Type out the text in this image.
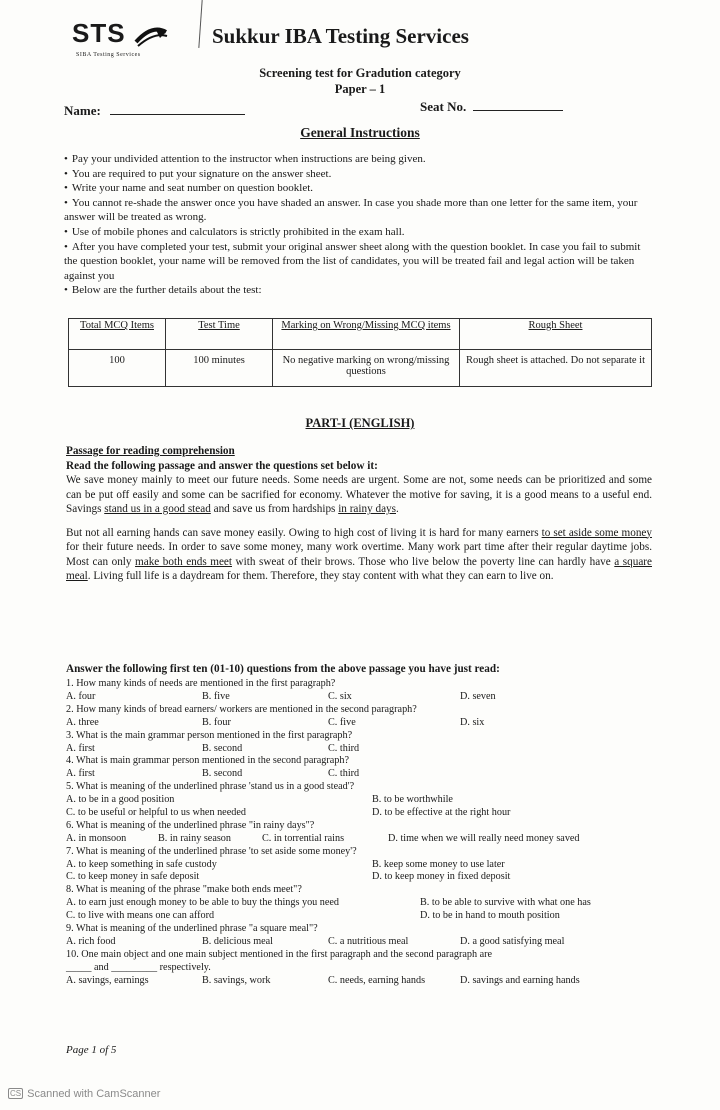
STS
SIBA Testing Services
Sukkur IBA Testing Services
Screening test for Gradution category
Paper – 1
Name:	Seat No.
General Instructions

• Pay your undivided attention to the instructor when instructions are being given.

• You are required to put your signature on the answer sheet.

• Write your name and seat number on question booklet.

• You cannot re-shade the answer once you have shaded an answer. In case you shade more than one letter for the same item, your answer will be treated as wrong.

• Use of mobile phones and calculators is strictly prohibited in the exam hall.

• After you have completed your test, submit your original answer sheet along with the question booklet. In case you fail to submit the question booklet, your name will be removed from the list of candidates, you will be treated fail and legal action will be taken against you

• Below are the further details about the test:

Total MCQ Items	Test Time	Marking on Wrong/Missing MCQ items	Rough Sheet
100	100 minutes	No negative marking on wrong/missing questions	Rough sheet is attached. Do not separate it
PART-I (ENGLISH)

Passage for reading comprehension

Read the following passage and answer the questions set below it:

We save money mainly to meet our future needs. Some needs are urgent. Some are not, some needs can be prioritized and some can be put off easily and some can be sacrified for economy. Whatever the motive for saving, it is a good means to a useful end. Savings stand us in a good stead and save us from hardships in rainy days.

But not all earning hands can save money easily. Owing to high cost of living it is hard for many earners to set aside some money for their future needs. In order to save some money, many work overtime. Many work part time after their regular daytime jobs. Most can only make both ends meet with sweat of their brows. Those who live below the poverty line can hardly have a square meal. Living full life is a daydream for them. Therefore, they stay content with what they can earn to live on.

Answer the following first ten (01-10) questions from the above passage you have just read:
1. How many kinds of needs are mentioned in the first paragraph?
A. four	B. five	C. six	D. seven
2. How many kinds of bread earners/ workers are mentioned in the second paragraph?
A. three	B. four	C. five	D. six
3. What is the main grammar person mentioned in the first paragraph?
A. first	B. second	C. third
4. What is main grammar person mentioned in the second paragraph?
A. first	B. second	C. third
5. What is meaning of the underlined phrase 'stand us in a good stead'?
A. to be in a good position	B. to be worthwhile
C. to be useful or helpful to us when needed	D. to be effective at the right hour
6. What is meaning of the underlined phrase "in rainy days"?
A. in monsoon	B. in rainy season	C. in torrential rains	D. time when we will really need money saved
7. What is meaning of the underlined phrase 'to set aside some money'?
A. to keep something in safe custody	B. keep some money to use later
C. to keep money in safe deposit	D. to keep money in fixed deposit
8. What is meaning of the phrase "make both ends meet"?
A. to earn just enough money to be able to buy the things you need	B. to be able to survive with what one has
C. to live with means one can afford	D. to be in hand to mouth position
9. What is meaning of the underlined phrase "a square meal"?
A. rich food	B. delicious meal	C. a nutritious meal	D. a good satisfying meal
10. One main object and one main subject mentioned in the first paragraph and the second paragraph are
_____ and _________ respectively.
A. savings, earnings	B. savings, work	C. needs, earning hands	D. savings and earning hands
Page 1 of 5
CS Scanned with CamScanner
